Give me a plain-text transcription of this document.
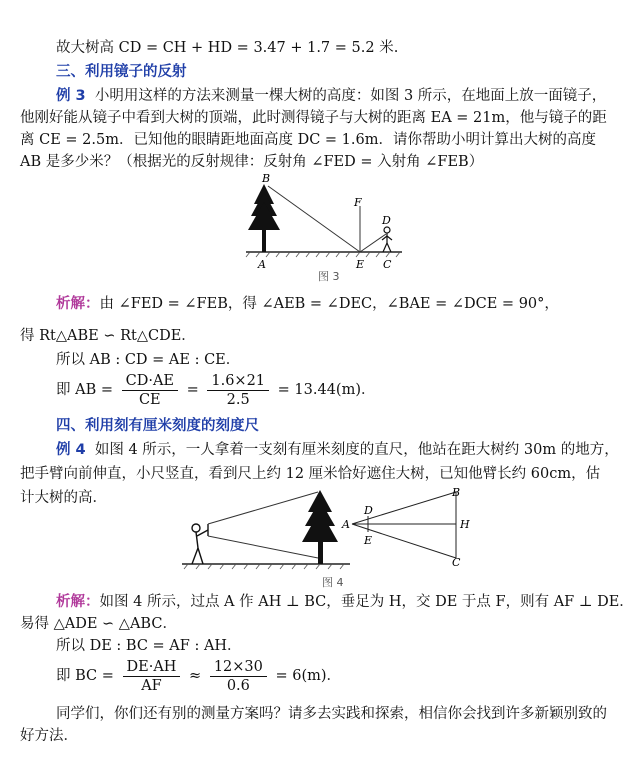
故大树高 CD = CH + HD = 3.47 + 1.7 = 5.2 米.
三、利用镜子的反射
例 3 小明用这样的方法来测量一棵大树的高度：如图 3 所示，在地面上放一面镜子，
他刚好能从镜子中看到大树的顶端，此时测得镜子与大树的距离 EA = 21m，他与镜子的距
离 CE = 2.5m．已知他的眼睛距地面高度 DC = 1.6m．请你帮助小明计算出大树的高度
AB 是多少米？（根据光的反射规律：反射角 ∠FED = 入射角 ∠FEB）
B
F
D
A	E C
图 3
析解：由 ∠FED = ∠FEB，得 ∠AEB = ∠DEC，∠BAE = ∠DCE = 90°，
得 Rt△ABE ∽ Rt△CDE．
所以 AB : CD = AE : CE．
即 AB = $\frac{CD\cdot AE}{CE} = \frac{1.6\times 21}{2.5} = 13.44(m)$．
四、利用刻有厘米刻度的刻度尺
例 4 如图 4 所示，一人拿着一支刻有厘米刻度的直尺，他站在距大树约 30m 的地方，
把手臂向前伸直，小尺竖直，看到尺上约 12 厘米恰好遮住大树，已知他臂长约 60cm，估
计大树的高．
图 4
A
D
E
B
H
C
析解：如图 4 所示，过点 A 作 AH ⊥ BC，垂足为 H，交 DE 于点 F，则有 AF ⊥ DE．
易得 △ADE ∽ △ABC．
所以 DE : BC = AF : AH．
即 BC = $\frac{DE\cdot AH}{AF} \approx \frac{12\times 30}{0.6} = 6(m)$．
同学们，你们还有别的测量方案吗？请多去实践和探索，相信你会找到许多新颖别致的
好方法．
